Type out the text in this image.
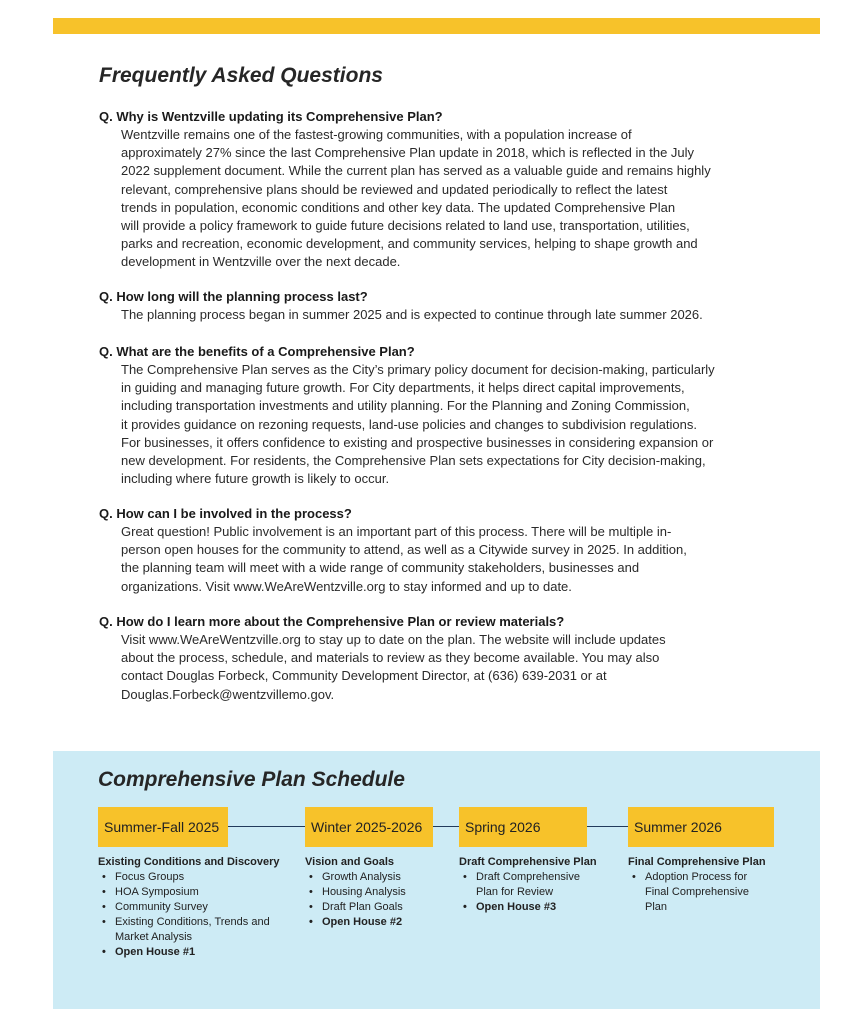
Frequently Asked Questions
Q. Why is Wentzville updating its Comprehensive Plan?
Wentzville remains one of the fastest-growing communities, with a population increase of
approximately 27% since the last Comprehensive Plan update in 2018, which is reflected in the July
2022 supplement document. While the current plan has served as a valuable guide and remains highly
relevant, comprehensive plans should be reviewed and updated periodically to reflect the latest
trends in population, economic conditions and other key data. The updated Comprehensive Plan
will provide a policy framework to guide future decisions related to land use, transportation, utilities,
parks and recreation, economic development, and community services, helping to shape growth and
development in Wentzville over the next decade.
Q. How long will the planning process last?
The planning process began in summer 2025 and is expected to continue through late summer 2026.
Q. What are the benefits of a Comprehensive Plan?
The Comprehensive Plan serves as the City’s primary policy document for decision-making, particularly
in guiding and managing future growth. For City departments, it helps direct capital improvements,
including transportation investments and utility planning. For the Planning and Zoning Commission,
it provides guidance on rezoning requests, land-use policies and changes to subdivision regulations.
For businesses, it offers confidence to existing and prospective businesses in considering expansion or
new development. For residents, the Comprehensive Plan sets expectations for City decision-making,
including where future growth is likely to occur.
Q. How can I be involved in the process?
Great question! Public involvement is an important part of this process. There will be multiple in-
person open houses for the community to attend, as well as a Citywide survey in 2025. In addition,
the planning team will meet with a wide range of community stakeholders, businesses and
organizations. Visit www.WeAreWentzville.org to stay informed and up to date.
Q. How do I learn more about the Comprehensive Plan or review materials?
Visit www.WeAreWentzville.org to stay up to date on the plan. The website will include updates
about the process, schedule, and materials to review as they become available. You may also
contact Douglas Forbeck, Community Development Director, at (636) 639-2031 or at
Douglas.Forbeck@wentzvillemo.gov.
Comprehensive Plan Schedule
Summer-Fall 2025	Winter 2025-2026	Spring 2026	Summer 2026
Existing Conditions and Discovery
• Focus Groups
• HOA Symposium
• Community Survey
• Existing Conditions, Trends and Market Analysis
• Open House #1
Vision and Goals
• Growth Analysis
• Housing Analysis
• Draft Plan Goals
• Open House #2
Draft Comprehensive Plan
• Draft Comprehensive Plan for Review
• Open House #3
Final Comprehensive Plan
• Adoption Process for Final Comprehensive Plan
